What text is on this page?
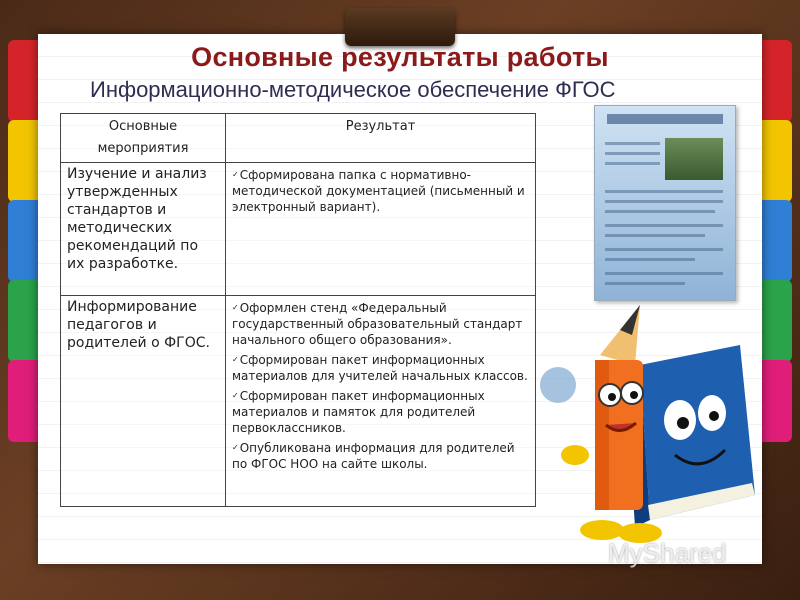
Основные результаты работы
Информационно-методическое обеспечение ФГОС
Основные мероприятия	Результат
Изучение и анализ утвержденных стандартов и методических рекомендаций по их разработке.	✓Сформирована папка с нормативно-методической документацией (письменный и электронный вариант).

Информирование педагогов и родителей о ФГОС.	✓Оформлен стенд «Федеральный государственный образовательный стандарт начального общего образования».
✓Сформирован пакет информационных материалов для учителей начальных классов.
✓Сформирован пакет информационных материалов и памяток для родителей первоклассников.
✓Опубликована информация для родителей по ФГОС НОО на сайте школы.
MyShared
